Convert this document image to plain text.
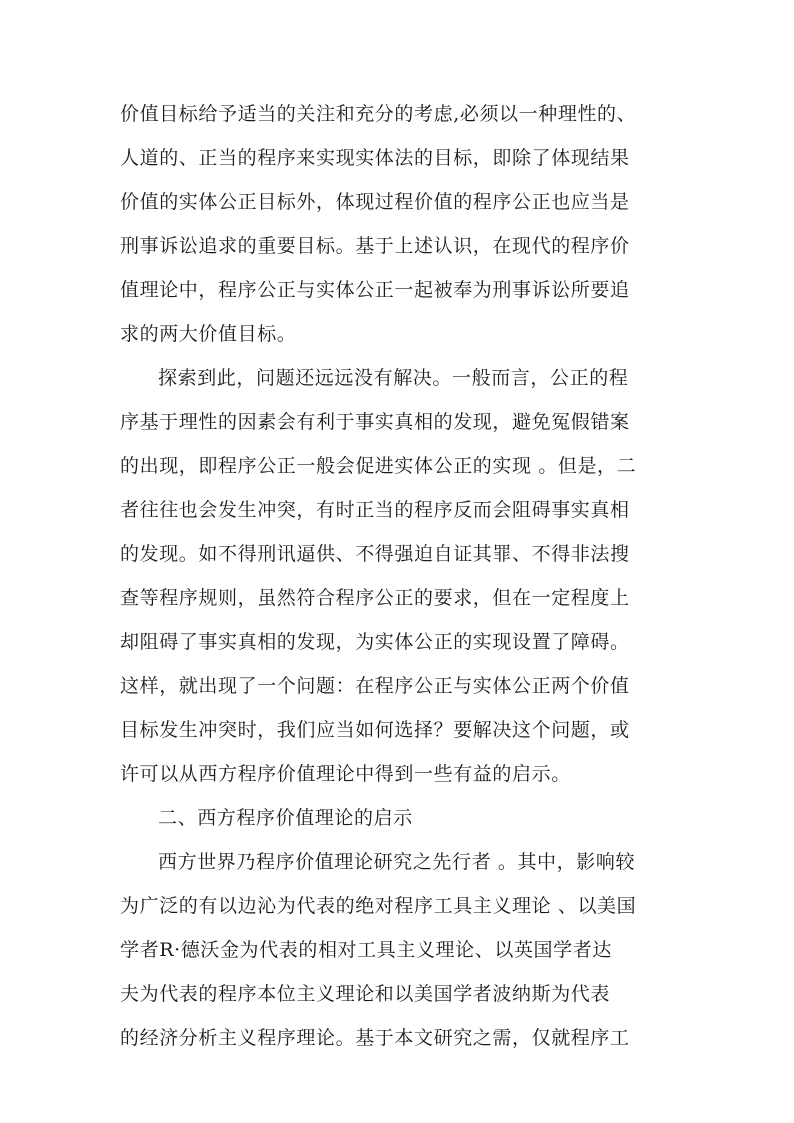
价值目标给予适当的关注和充分的考虑,必须以一种理性的、
人道的、正当的程序来实现实体法的目标，即除了体现结果
价值的实体公正目标外，体现过程价值的程序公正也应当是
刑事诉讼追求的重要目标。基于上述认识，在现代的程序价
值理论中，程序公正与实体公正一起被奉为刑事诉讼所要追
求的两大价值目标。
探索到此，问题还远远没有解决。一般而言，公正的程
序基于理性的因素会有利于事实真相的发现，避免冤假错案
的出现，即程序公正一般会促进实体公正的实现 。但是，二
者往往也会发生冲突，有时正当的程序反而会阻碍事实真相
的发现。如不得刑讯逼供、不得强迫自证其罪、不得非法搜
查等程序规则，虽然符合程序公正的要求，但在一定程度上
却阻碍了事实真相的发现，为实体公正的实现设置了障碍。
这样，就出现了一个问题：在程序公正与实体公正两个价值
目标发生冲突时，我们应当如何选择？要解决这个问题，或
许可以从西方程序价值理论中得到一些有益的启示。
二、西方程序价值理论的启示
西方世界乃程序价值理论研究之先行者 。其中，影响较
为广泛的有以边沁为代表的绝对程序工具主义理论 、以美国
学者R·德沃金为代表的相对工具主义理论、以英国学者达
夫为代表的程序本位主义理论和以美国学者波纳斯为代表
的经济分析主义程序理论。基于本文研究之需，仅就程序工
